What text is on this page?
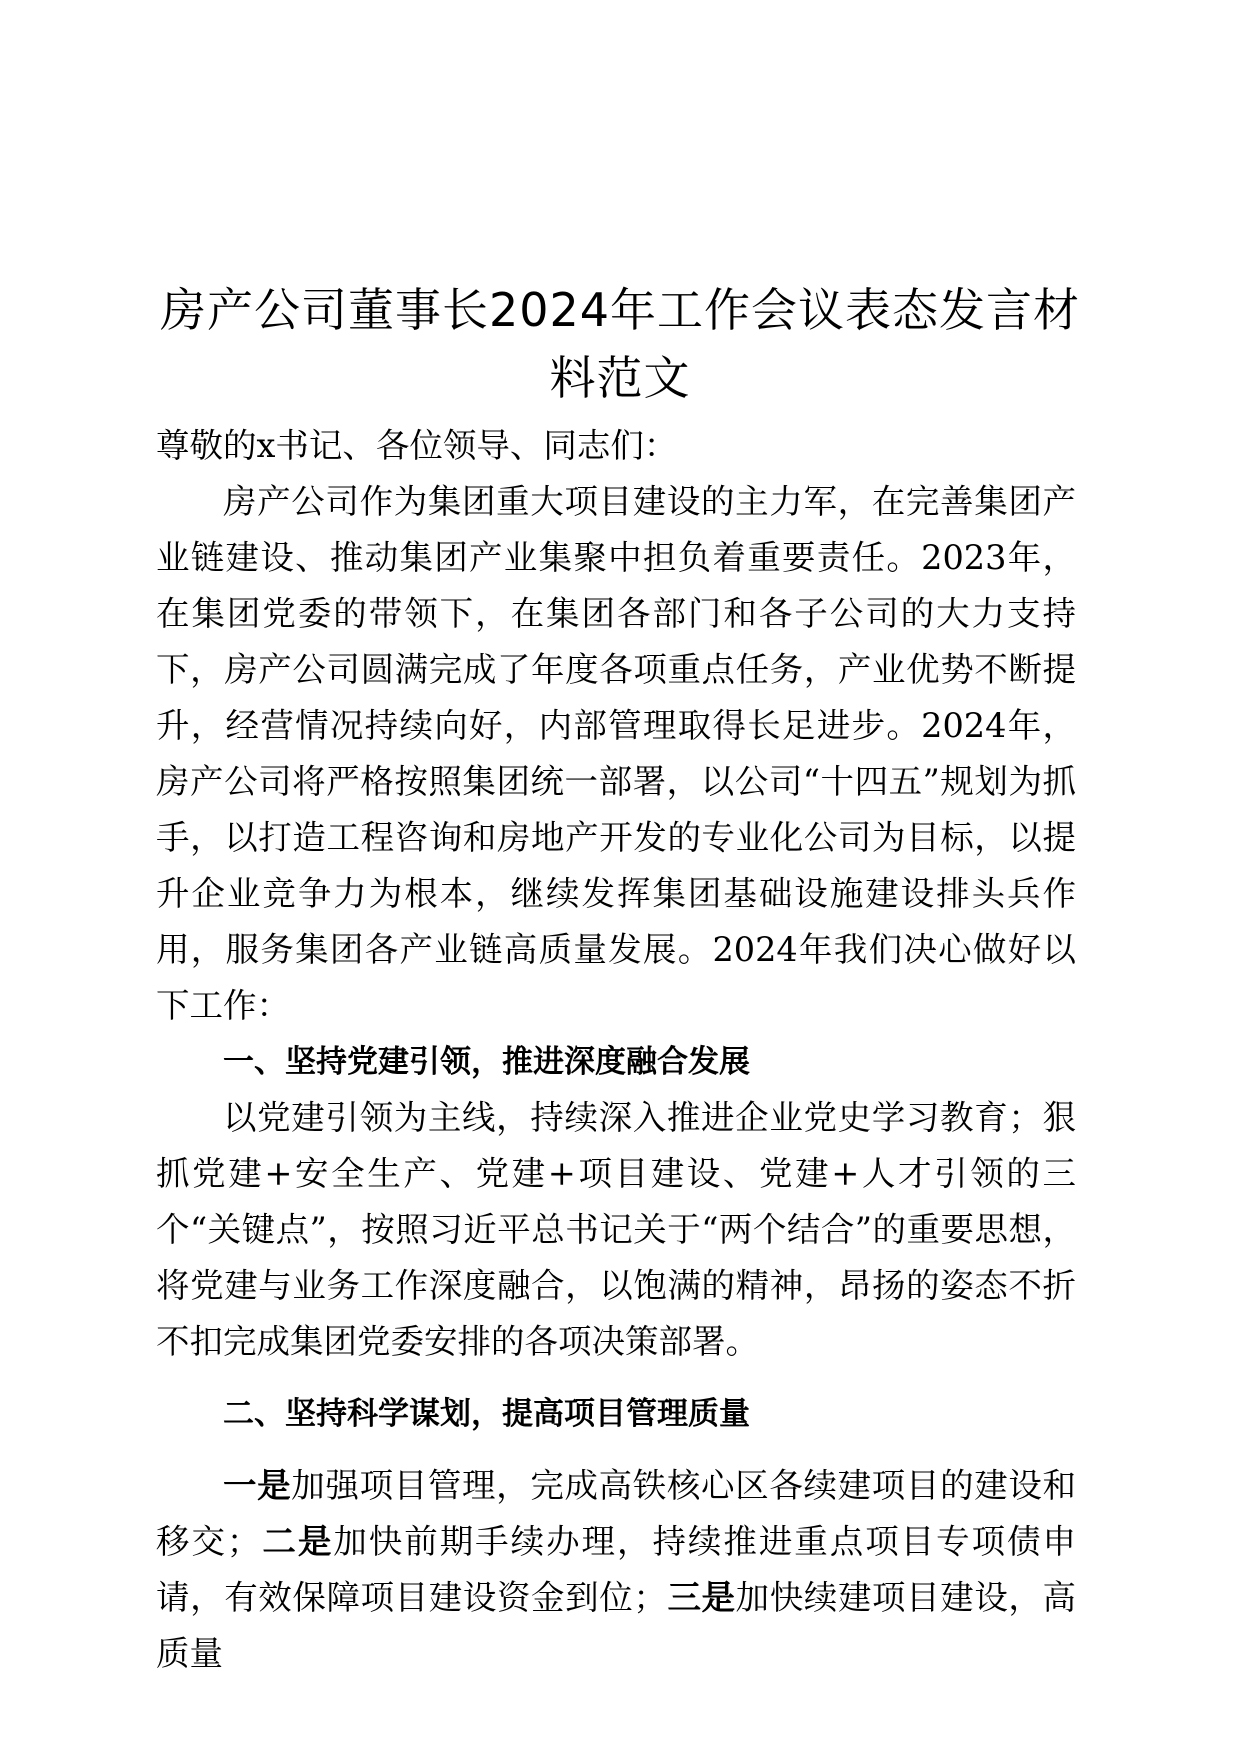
房产公司董事长2024年工作会议表态发言材料范文

尊敬的x书记、各位领导、同志们：

房产公司作为集团重大项目建设的主力军，在完善集团产业链建设、推动集团产业集聚中担负着重要责任。2023年，在集团党委的带领下，在集团各部门和各子公司的大力支持下，房产公司圆满完成了年度各项重点任务，产业优势不断提升，经营情况持续向好，内部管理取得长足进步。2024年，房产公司将严格按照集团统一部署，以公司“十四五”规划为抓手，以打造工程咨询和房地产开发的专业化公司为目标，以提升企业竞争力为根本，继续发挥集团基础设施建设排头兵作用，服务集团各产业链高质量发展。2024年我们决心做好以下工作：

一、坚持党建引领，推进深度融合发展

以党建引领为主线，持续深入推进企业党史学习教育；狠抓党建+安全生产、党建+项目建设、党建+人才引领的三个“关键点”，按照习近平总书记关于“两个结合”的重要思想，将党建与业务工作深度融合，以饱满的精神，昂扬的姿态不折不扣完成集团党委安排的各项决策部署。

二、坚持科学谋划，提高项目管理质量

一是加强项目管理，完成高铁核心区各续建项目的建设和移交；二是加快前期手续办理，持续推进重点项目专项债申请，有效保障项目建设资金到位；三是加快续建项目建设，高质量
